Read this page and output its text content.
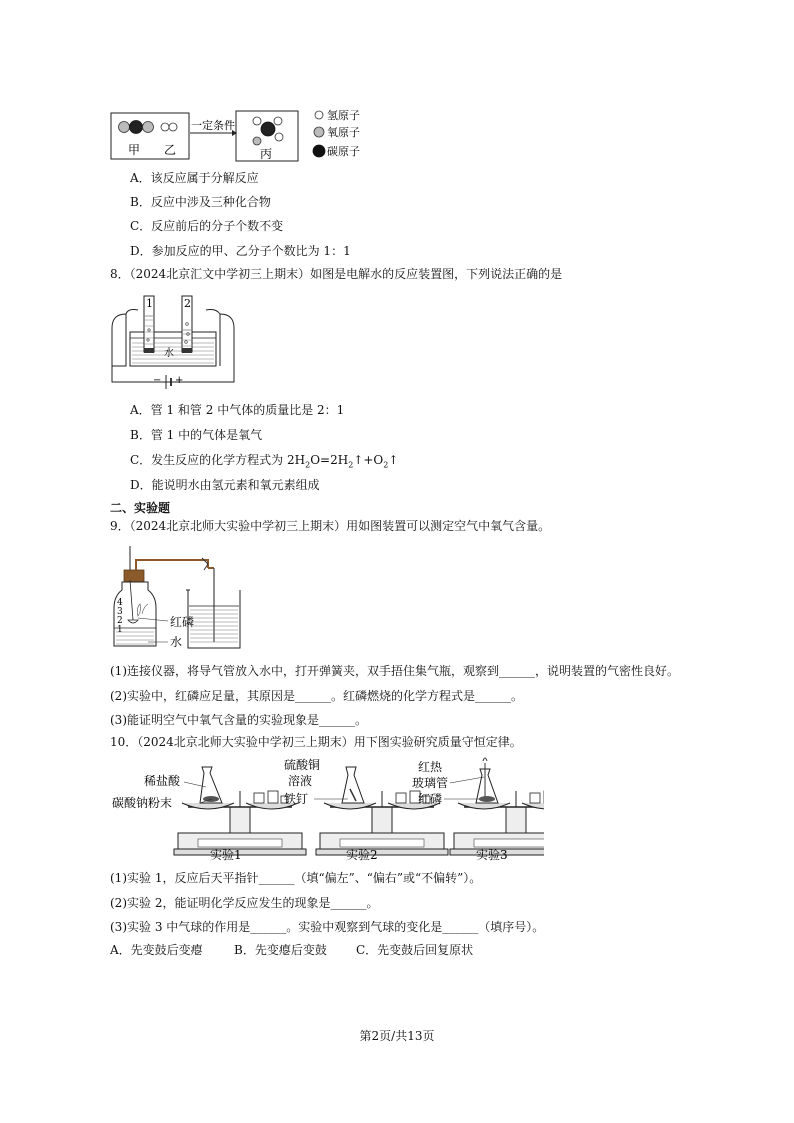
甲 乙
一定条件
丙
氢原子
氧原子
碳原子
A．该反应属于分解反应
B．反应中涉及三种化合物
C．反应前后的分子个数不变
D．参加反应的甲、乙分子个数比为 1：1
8．（2024北京汇文中学初三上期末）如图是电解水的反应装置图，下列说法正确的是
1	2
水
− +
A．管 1 和管 2 中气体的质量比是 2：1
B．管 1 中的气体是氧气
C．发生反应的化学方程式为 $2H_2O=2H_2↑+O_2↑$
D．能说明水由氢元素和氧元素组成
二、实验题
9．（2024北京北师大实验中学初三上期末）用如图装置可以测定空气中氧气含量。
4
3
2
1
红磷
水
(1)连接仪器，将导气管放入水中，打开弹簧夹，双手捂住集气瓶，观察到______，说明装置的气密性良好。
(2)实验中，红磷应足量，其原因是______。红磷燃烧的化学方程式是______。
(3)能证明空气中氧气含量的实验现象是______。
10．（2024北京北师大实验中学初三上期末）用下图实验研究质量守恒定律。
稀盐酸
碳酸钠粉末
实验1
硫酸铜
溶液
铁钉
实验2
红热
玻璃管
红磷
实验3
(1)实验 1，反应后天平指针______（填“偏左”、“偏右”或“不偏转”）。
(2)实验 2，能证明化学反应发生的现象是______。
(3)实验 3 中气球的作用是______。实验中观察到气球的变化是______（填序号）。
A．先变鼓后变瘪	B．先变瘪后变鼓 C．先变鼓后回复原状
第2页/共13页
